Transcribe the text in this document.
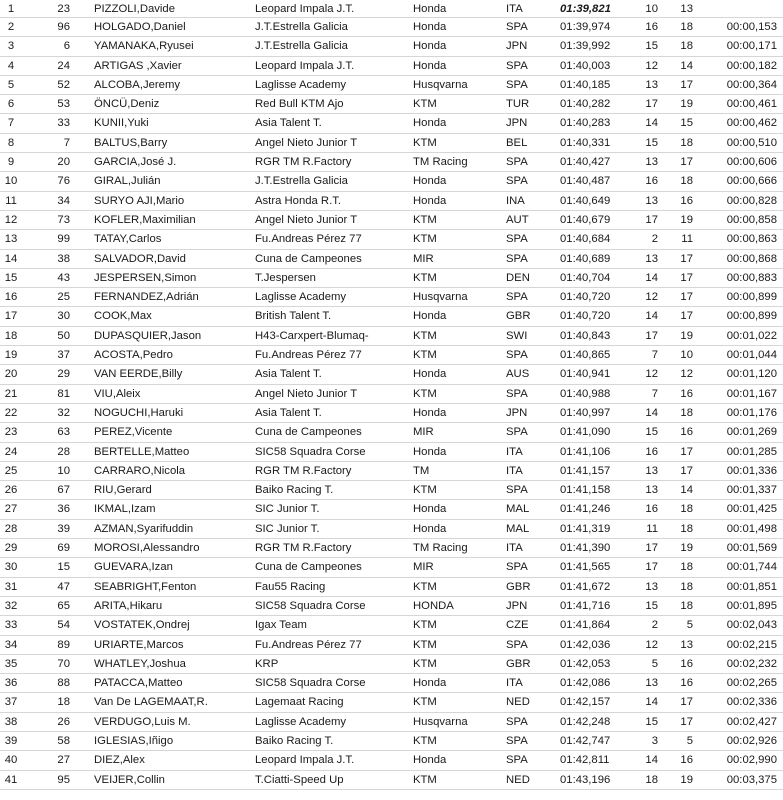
1	23 PIZZOLI,Davide	Leopard Impala J.T.	Honda	ITA	01:39,821	10	13
2	96 HOLGADO,Daniel	J.T.Estrella Galicia	Honda	SPA	01:39,974	16	18	00:00,153
3	6 YAMANAKA,Ryusei	J.T.Estrella Galicia	Honda	JPN	01:39,992	15	18	00:00,171
4	24 ARTIGAS ,Xavier	Leopard Impala J.T.	Honda	SPA	01:40,003	12	14	00:00,182
5	52 ALCOBA,Jeremy	Laglisse Academy	Husqvarna	SPA	01:40,185	13	17	00:00,364
6	53 ÖNCÜ,Deniz	Red Bull KTM Ajo	KTM	TUR	01:40,282	17	19	00:00,461
7	33 KUNII,Yuki	Asia Talent T.	Honda	JPN	01:40,283	14	15	00:00,462
8	7 BALTUS,Barry	Angel Nieto Junior T	KTM	BEL	01:40,331	15	18	00:00,510
9	20 GARCIA,José J.	RGR TM R.Factory	TM Racing	SPA	01:40,427	13	17	00:00,606
10	76 GIRAL,Julián	J.T.Estrella Galicia	Honda	SPA	01:40,487	16	18	00:00,666
11	34 SURYO AJI,Mario	Astra Honda R.T.	Honda	INA	01:40,649	13	16	00:00,828
12	73 KOFLER,Maximilian	Angel Nieto Junior T	KTM	AUT	01:40,679	17	19	00:00,858
13	99 TATAY,Carlos	Fu.Andreas Pérez 77	KTM	SPA	01:40,684	2	11	00:00,863
14	38 SALVADOR,David	Cuna de Campeones	MIR	SPA	01:40,689	13	17	00:00,868
15	43 JESPERSEN,Simon	T.Jespersen	KTM	DEN	01:40,704	14	17	00:00,883
16	25 FERNANDEZ,Adrián	Laglisse Academy	Husqvarna	SPA	01:40,720	12	17	00:00,899
17	30 COOK,Max	British Talent T.	Honda	GBR	01:40,720	14	17	00:00,899
18	50 DUPASQUIER,Jason	H43-Carxpert-Blumaq-	KTM	SWI	01:40,843	17	19	00:01,022
19	37 ACOSTA,Pedro	Fu.Andreas Pérez 77	KTM	SPA	01:40,865	7	10	00:01,044
20	29 VAN EERDE,Billy	Asia Talent T.	Honda	AUS	01:40,941	12	12	00:01,120
21	81 VIU,Aleix	Angel Nieto Junior T	KTM	SPA	01:40,988	7	16	00:01,167
22	32 NOGUCHI,Haruki	Asia Talent T.	Honda	JPN	01:40,997	14	18	00:01,176
23	63 PEREZ,Vicente	Cuna de Campeones	MIR	SPA	01:41,090	15	16	00:01,269
24	28 BERTELLE,Matteo	SIC58 Squadra Corse	Honda	ITA	01:41,106	16	17	00:01,285
25	10 CARRARO,Nicola	RGR TM R.Factory	TM	ITA	01:41,157	13	17	00:01,336
26	67 RIU,Gerard	Baiko Racing T.	KTM	SPA	01:41,158	13	14	00:01,337
27	36 IKMAL,Izam	SIC Junior T.	Honda	MAL	01:41,246	16	18	00:01,425
28	39 AZMAN,Syarifuddin	SIC Junior T.	Honda	MAL	01:41,319	11	18	00:01,498
29	69 MOROSI,Alessandro	RGR TM R.Factory	TM Racing	ITA	01:41,390	17	19	00:01,569
30	15 GUEVARA,Izan	Cuna de Campeones	MIR	SPA	01:41,565	17	18	00:01,744
31	47 SEABRIGHT,Fenton	Fau55 Racing	KTM	GBR	01:41,672	13	18	00:01,851
32	65 ARITA,Hikaru	SIC58 Squadra Corse	HONDA	JPN	01:41,716	15	18	00:01,895
33	54 VOSTATEK,Ondrej	Igax Team	KTM	CZE	01:41,864	2	5	00:02,043
34	89 URIARTE,Marcos	Fu.Andreas Pérez 77	KTM	SPA	01:42,036	12	13	00:02,215
35	70 WHATLEY,Joshua	KRP	KTM	GBR	01:42,053	5	16	00:02,232
36	88 PATACCA,Matteo	SIC58 Squadra Corse	Honda	ITA	01:42,086	13	16	00:02,265
37	18 Van De LAGEMAAT,R.	Lagemaat Racing	KTM	NED	01:42,157	14	17	00:02,336
38	26 VERDUGO,Luis M.	Laglisse Academy	Husqvarna	SPA	01:42,248	15	17	00:02,427
39	58 IGLESIAS,Iñigo	Baiko Racing T.	KTM	SPA	01:42,747	3	5	00:02,926
40	27 DIEZ,Alex	Leopard Impala J.T.	Honda	SPA	01:42,811	14	16	00:02,990
41	95 VEIJER,Collin	T.Ciatti-Speed Up	KTM	NED	01:43,196	18	19	00:03,375
